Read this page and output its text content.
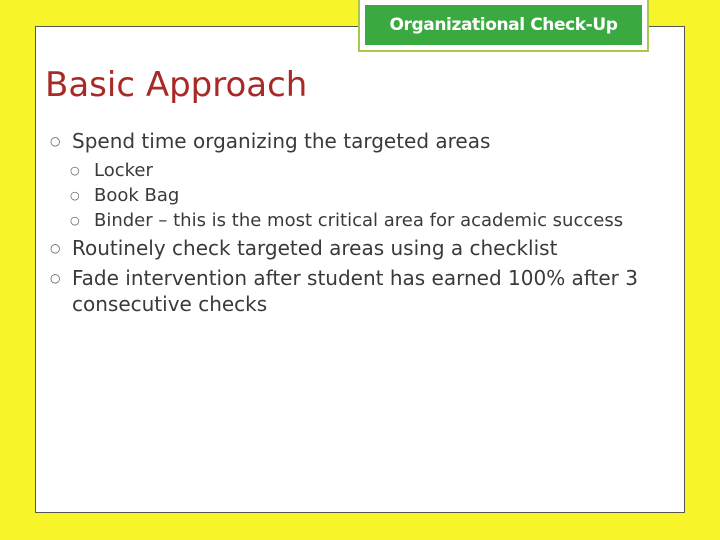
Organizational Check-Up
Basic Approach
○ Spend time organizing the targeted areas
○ Locker
○ Book Bag
○ Binder – this is the most critical area for academic success
○ Routinely check targeted areas using a checklist
○ Fade intervention after student has earned 100% after 3 consecutive checks
